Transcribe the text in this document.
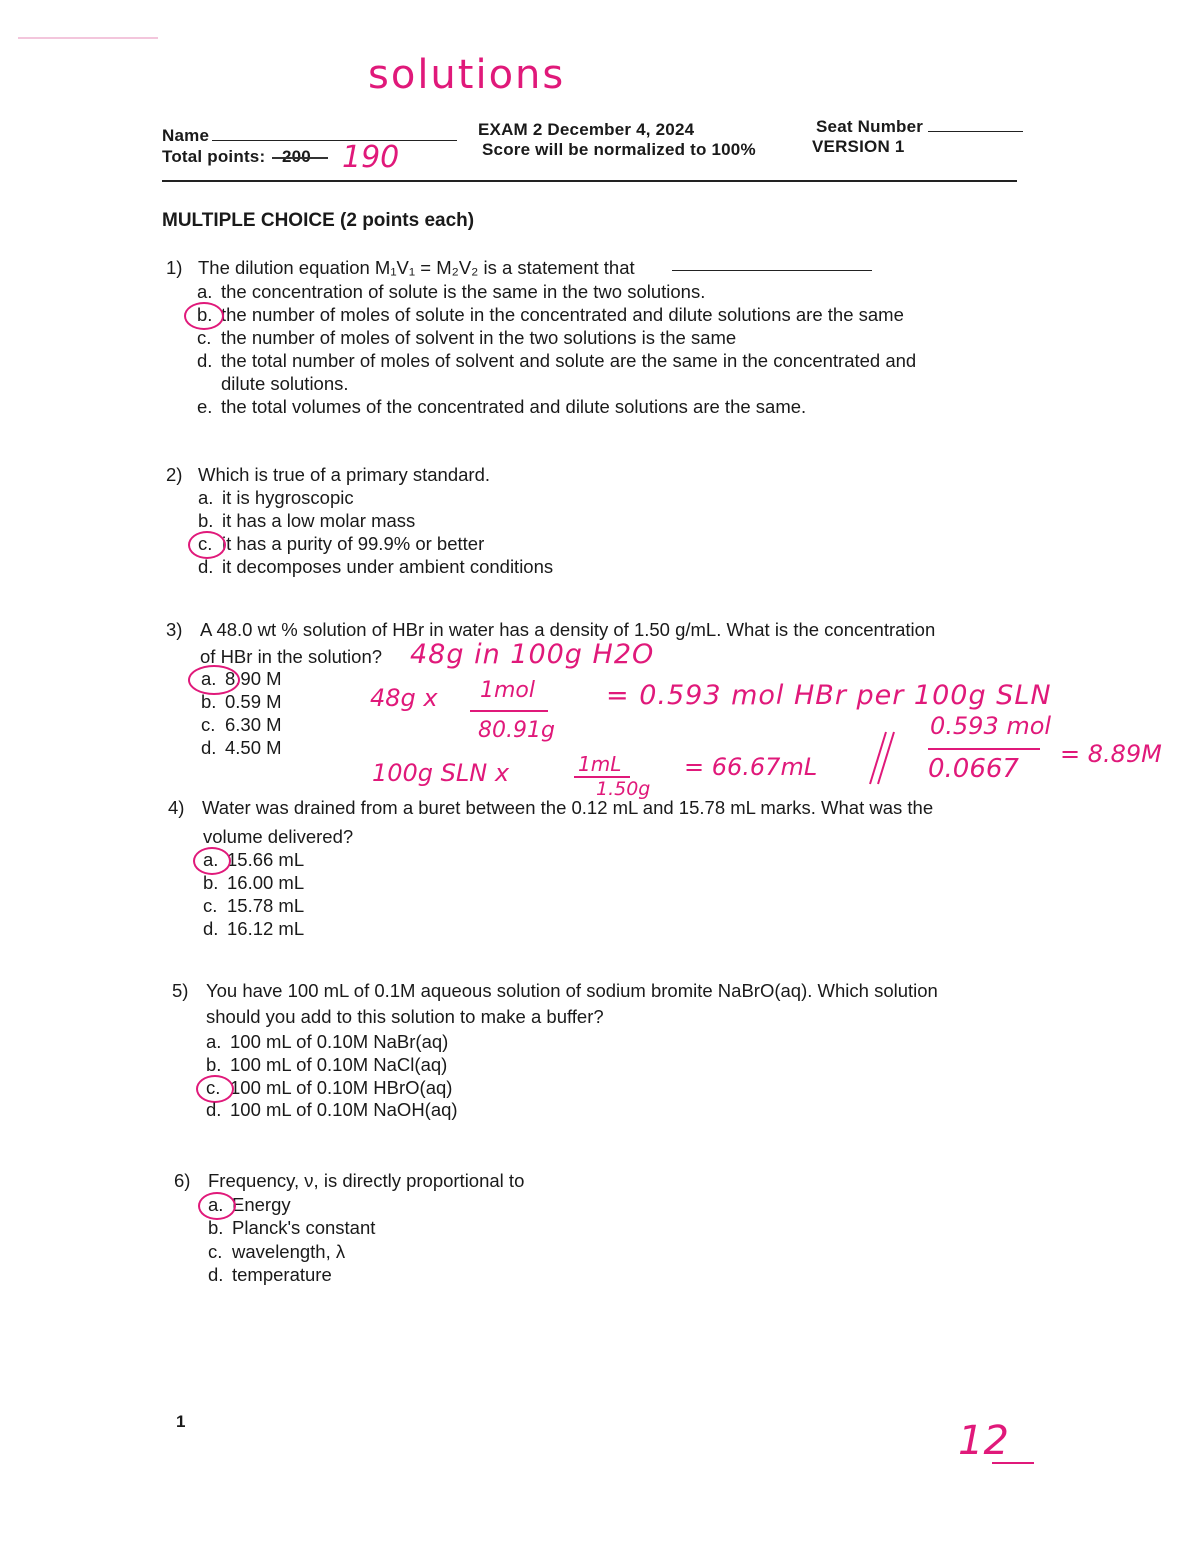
solutions
Name
Total points: 200 190
EXAM 2 December 4, 2024
Score will be normalized to 100%
Seat Number
VERSION 1
MULTIPLE CHOICE (2 points each)
1) The dilution equation M₁V₁ = M₂V₂ is a statement that
a. the concentration of solute is the same in the two solutions.
b. the number of moles of solute in the concentrated and dilute solutions are the same
c. the number of moles of solvent in the two solutions is the same
d. the total number of moles of solvent and solute are the same in the concentrated and
dilute solutions.
e. the total volumes of the concentrated and dilute solutions are the same.
2) Which is true of a primary standard.
a. it is hygroscopic
b. it has a low molar mass
c. it has a purity of 99.9% or better
d. it decomposes under ambient conditions
3) A 48.0 wt % solution of HBr in water has a density of 1.50 g/mL. What is the concentration
of HBr in the solution? 48g in 100g H2O
a. 8.90 M
b. 0.59 M
c. 6.30 M
d. 4.50 M
48g x 1mol
80.91g
= 0.593 mol HBr per 100g SLN
100g SLN x	1mL
1.50g
= 66.67mL
0.593 mol
0.0667 = 8.89M
4) Water was drained from a buret between the 0.12 mL and 15.78 mL marks. What was the
volume delivered?
a. 15.66 mL
b. 16.00 mL
c. 15.78 mL
d. 16.12 mL
5) You have 100 mL of 0.1M aqueous solution of sodium bromite NaBrO(aq). Which solution
should you add to this solution to make a buffer?
a. 100 mL of 0.10M NaBr(aq)
b. 100 mL of 0.10M NaCl(aq)
c. 100 mL of 0.10M HBrO(aq)
d. 100 mL of 0.10M NaOH(aq)
6) Frequency, ν, is directly proportional to
a. Energy
b. Planck's constant
c. wavelength, λ
d. temperature
1	12
